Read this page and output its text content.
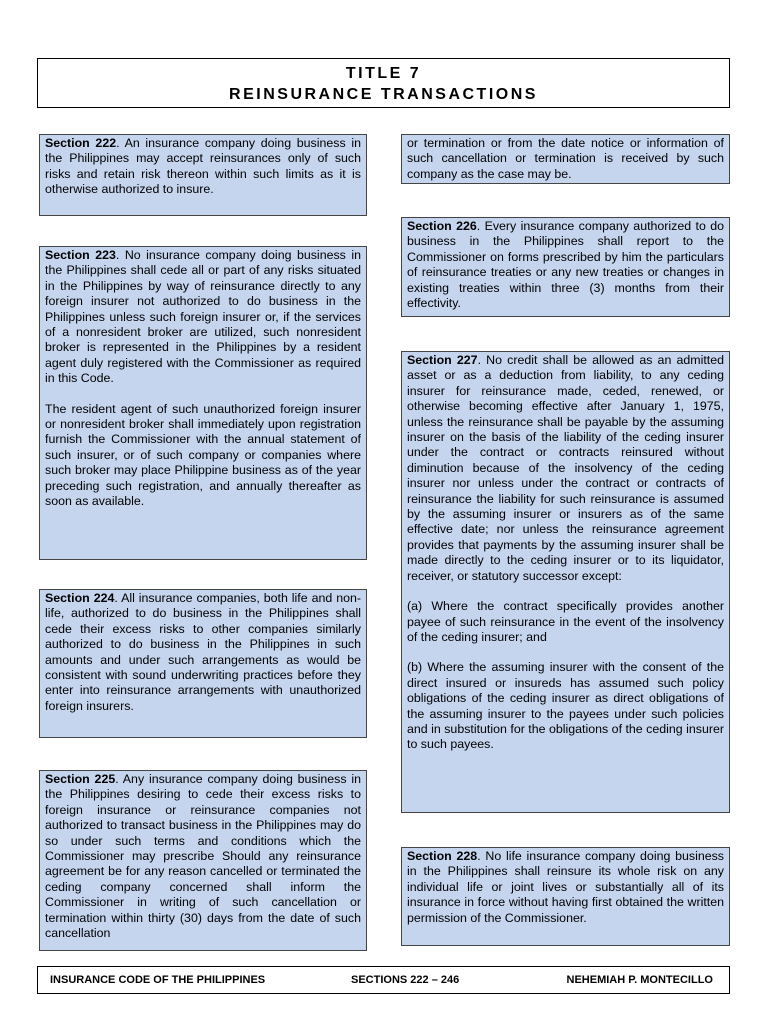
TITLE 7
REINSURANCE TRANSACTIONS

Section 222. An insurance company doing business in the Philippines may accept reinsurances only of such risks and retain risk thereon within such limits as it is otherwise authorized to insure.

Section 223. No insurance company doing business in the Philippines shall cede all or part of any risks situated in the Philippines by way of reinsurance directly to any foreign insurer not authorized to do business in the Philippines unless such foreign insurer or, if the services of a nonresident broker are utilized, such nonresident broker is represented in the Philippines by a resident agent duly registered with the Commissioner as required in this Code.

The resident agent of such unauthorized foreign insurer or nonresident broker shall immediately upon registration furnish the Commissioner with the annual statement of such insurer, or of such company or companies where such broker may place Philippine business as of the year preceding such registration, and annually thereafter as soon as available.

Section 224. All insurance companies, both life and non-life, authorized to do business in the Philippines shall cede their excess risks to other companies similarly authorized to do business in the Philippines in such amounts and under such arrangements as would be consistent with sound underwriting practices before they enter into reinsurance arrangements with unauthorized foreign insurers.

Section 225. Any insurance company doing business in the Philippines desiring to cede their excess risks to foreign insurance or reinsurance companies not authorized to transact business in the Philippines may do so under such terms and conditions which the Commissioner may prescribe Should any reinsurance agreement be for any reason cancelled or terminated the ceding company concerned shall inform the Commissioner in writing of such cancellation or termination within thirty (30) days from the date of such cancellation

or termination or from the date notice or information of such cancellation or termination is received by such company as the case may be.

Section 226. Every insurance company authorized to do business in the Philippines shall report to the Commissioner on forms prescribed by him the particulars of reinsurance treaties or any new treaties or changes in existing treaties within three (3) months from their effectivity.

Section 227. No credit shall be allowed as an admitted asset or as a deduction from liability, to any ceding insurer for reinsurance made, ceded, renewed, or otherwise becoming effective after January 1, 1975, unless the reinsurance shall be payable by the assuming insurer on the basis of the liability of the ceding insurer under the contract or contracts reinsured without diminution because of the insolvency of the ceding insurer nor unless under the contract or contracts of reinsurance the liability for such reinsurance is assumed by the assuming insurer or insurers as of the same effective date; nor unless the reinsurance agreement provides that payments by the assuming insurer shall be made directly to the ceding insurer or to its liquidator, receiver, or statutory successor except:

(a) Where the contract specifically provides another payee of such reinsurance in the event of the insolvency of the ceding insurer; and

(b) Where the assuming insurer with the consent of the direct insured or insureds has assumed such policy obligations of the ceding insurer as direct obligations of the assuming insurer to the payees under such policies and in substitution for the obligations of the ceding insurer to such payees.

Section 228. No life insurance company doing business in the Philippines shall reinsure its whole risk on any individual life or joint lives or substantially all of its insurance in force without having first obtained the written permission of the Commissioner.

INSURANCE CODE OF THE PHILIPPINES	SECTIONS 222 – 246	NEHEMIAH P. MONTECILLO
